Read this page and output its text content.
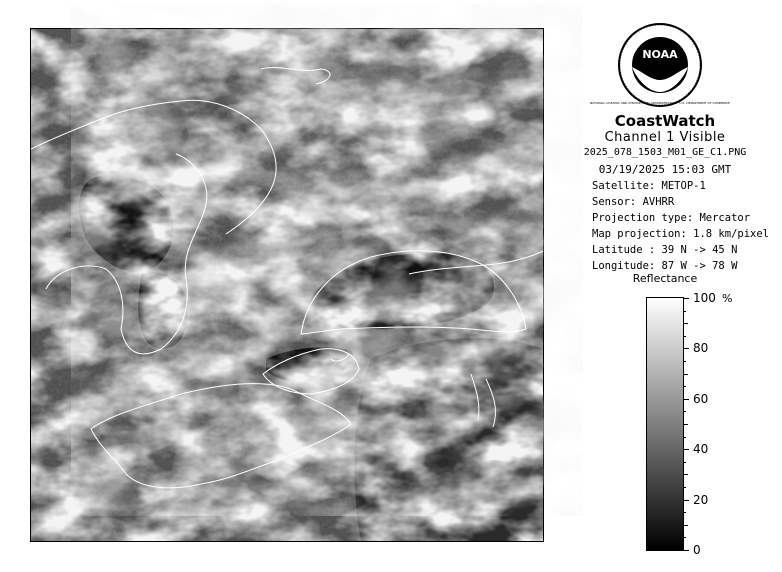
NOAA
NATIONAL OCEANIC AND ATMOSPHERIC ADMINISTRATION · U.S. DEPARTMENT OF COMMERCE
CoastWatch
Channel 1 Visible
2025_078_1503_M01_GE_C1.PNG
03/19/2025 15:03 GMT
Satellite: METOP-1
Sensor: AVHRR
Projection type: Mercator
Map projection: 1.8 km/pixel
Latitude : 39 N -> 45 N
Longitude: 87 W -> 78 W
Reflectance
%
100
80
60
40
20
0
